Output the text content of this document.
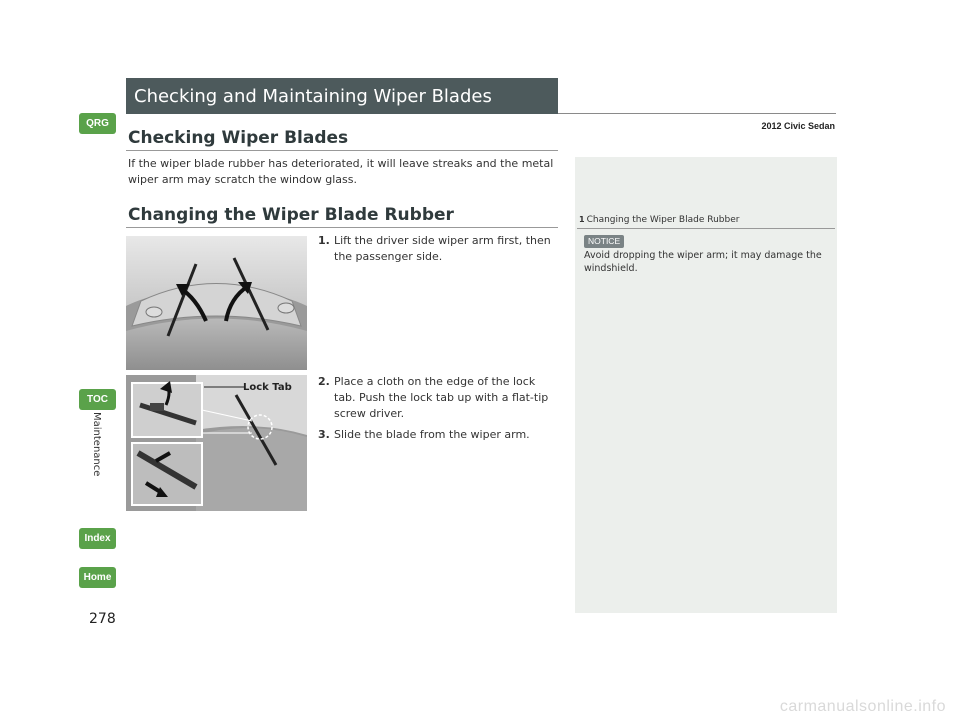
QRG
TOC
Maintenance
Index
Home
278
Checking and Maintaining Wiper Blades
2012 Civic Sedan
Checking Wiper Blades

If the wiper blade rubber has deteriorated, it will leave streaks and the metal wiper arm may scratch the window glass.

Changing the Wiper Blade Rubber
Lock Tab

1. Lift the driver side wiper arm first, then the passenger side.

2. Place a cloth on the edge of the lock tab. Push the lock tab up with a flat-tip screw driver.

3. Slide the blade from the wiper arm.

1 Changing the Wiper Blade Rubber
NOTICE

Avoid dropping the wiper arm; it may damage the windshield.

carmanualsonline.info
